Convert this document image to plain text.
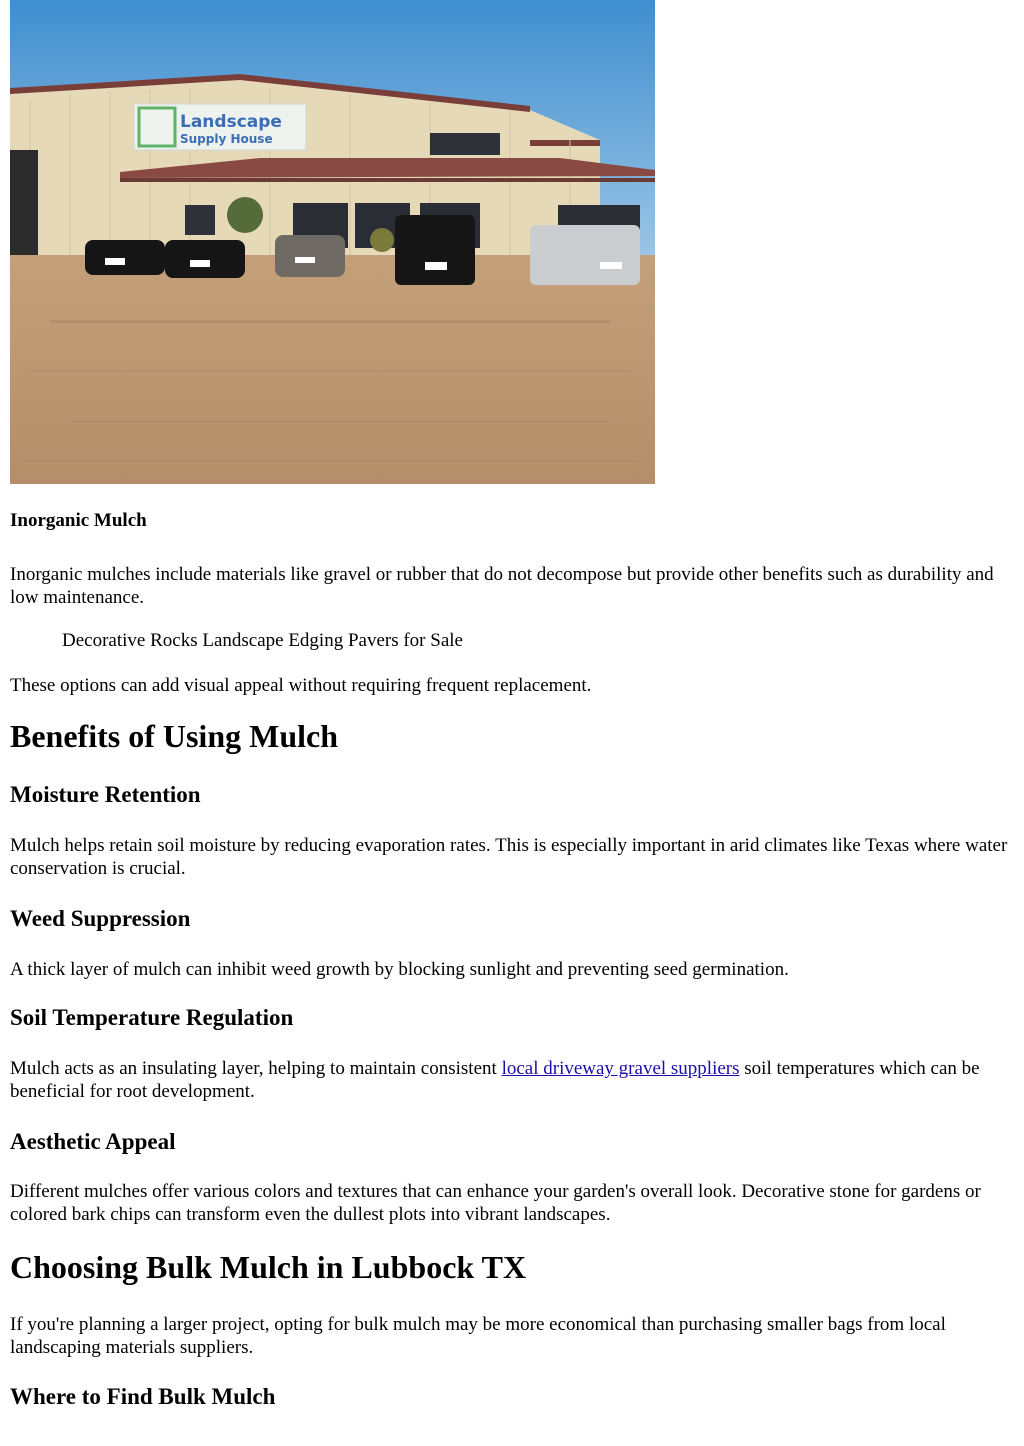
Landscape
Supply House
Inorganic Mulch

Inorganic mulches include materials like gravel or rubber that do not decompose but provide other benefits such as durability and low maintenance.

Decorative Rocks Landscape Edging Pavers for Sale

These options can add visual appeal without requiring frequent replacement.

Benefits of Using Mulch
Moisture Retention

Mulch helps retain soil moisture by reducing evaporation rates. This is especially important in arid climates like Texas where water conservation is crucial.

Weed Suppression

A thick layer of mulch can inhibit weed growth by blocking sunlight and preventing seed germination.

Soil Temperature Regulation

Mulch acts as an insulating layer, helping to maintain consistent local driveway gravel suppliers soil temperatures which can be beneficial for root development.

Aesthetic Appeal

Different mulches offer various colors and textures that can enhance your garden's overall look. Decorative stone for gardens or colored bark chips can transform even the dullest plots into vibrant landscapes.

Choosing Bulk Mulch in Lubbock TX

If you're planning a larger project, opting for bulk mulch may be more economical than purchasing smaller bags from local landscaping materials suppliers.

Where to Find Bulk Mulch
